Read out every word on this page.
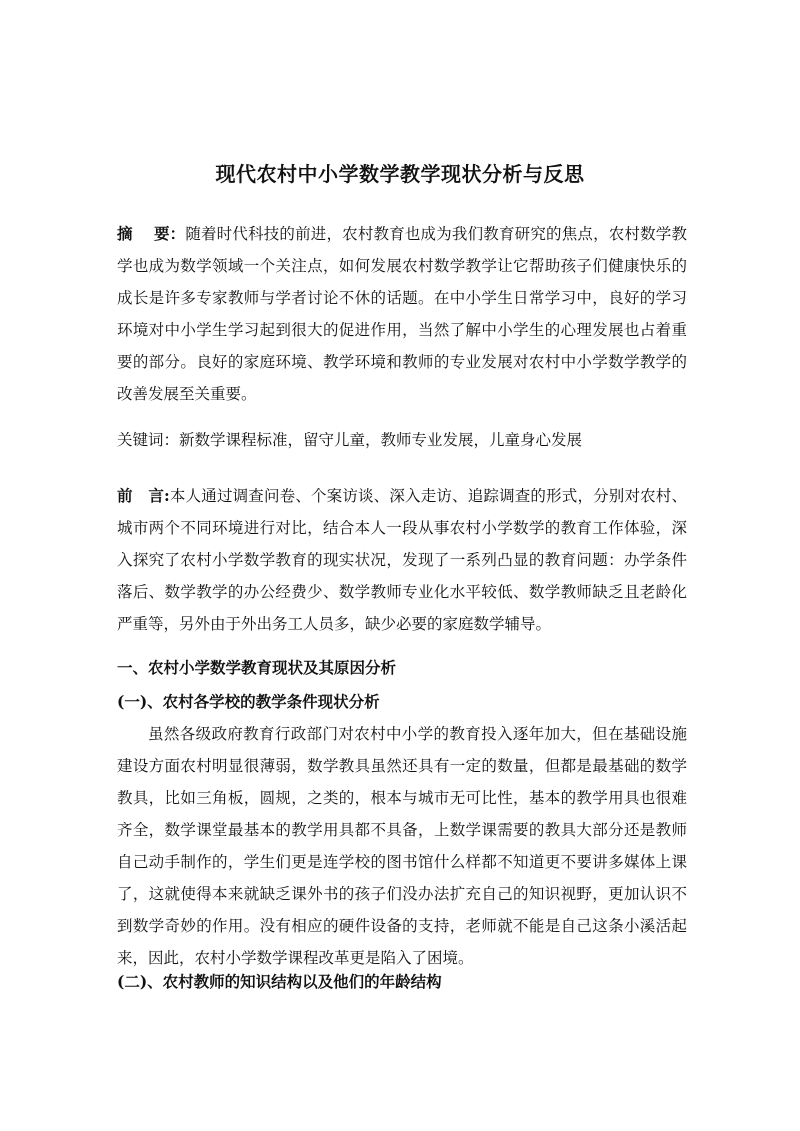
现代农村中小学数学教学现状分析与反思
摘　 要：随着时代科技的前进，农村教育也成为我们教育研究的焦点，农村数学教学也成为数学领域一个关注点，如何发展农村数学教学让它帮助孩子们健康快乐的成长是许多专家教师与学者讨论不休的话题。在中小学生日常学习中，良好的学习环境对中小学生学习起到很大的促进作用，当然了解中小学生的心理发展也占着重要的部分。良好的家庭环境、教学环境和教师的专业发展对农村中小学数学教学的改善发展至关重要。
关键词：新数学课程标准，留守儿童，教师专业发展，儿童身心发展
前　言:本人通过调查问卷、个案访谈、深入走访、追踪调查的形式，分别对农村、城市两个不同环境进行对比，结合本人一段从事农村小学数学的教育工作体验，深入探究了农村小学数学教育的现实状况，发现了一系列凸显的教育问题：办学条件落后、数学教学的办公经费少、数学教师专业化水平较低、数学教师缺乏且老龄化严重等，另外由于外出务工人员多，缺少必要的家庭数学辅导。
一、农村小学数学教育现状及其原因分析
(一)、农村各学校的教学条件现状分析
虽然各级政府教育行政部门对农村中小学的教育投入逐年加大，但在基础设施建设方面农村明显很薄弱，数学教具虽然还具有一定的数量，但都是最基础的数学教具，比如三角板，圆规，之类的，根本与城市无可比性，基本的教学用具也很难齐全，数学课堂最基本的教学用具都不具备，上数学课需要的教具大部分还是教师自己动手制作的，学生们更是连学校的图书馆什么样都不知道更不要讲多媒体上课了，这就使得本来就缺乏课外书的孩子们没办法扩充自己的知识视野，更加认识不到数学奇妙的作用。没有相应的硬件设备的支持，老师就不能是自己这条小溪活起来，因此，农村小学数学课程改革更是陷入了困境。
(二)、农村教师的知识结构以及他们的年龄结构
